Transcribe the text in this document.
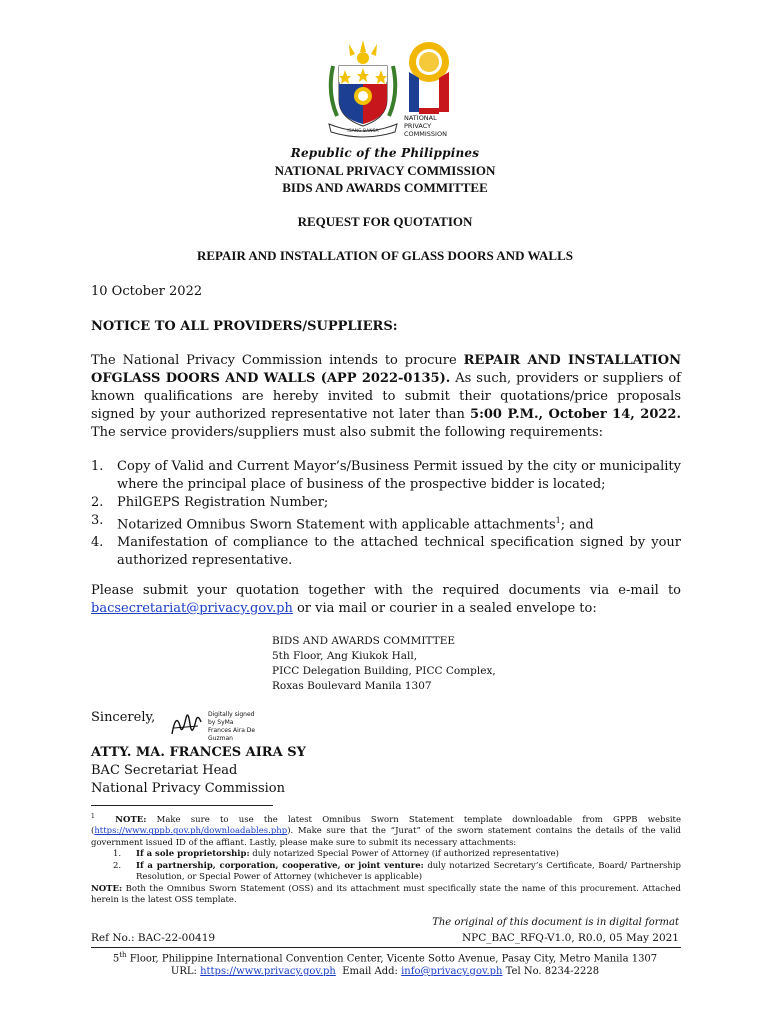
ISANG BANSA
NATIONAL
PRIVACY
COMMISSION
Republic of the Philippines
NATIONAL PRIVACY COMMISSION
BIDS AND AWARDS COMMITTEE
REQUEST FOR QUOTATION
REPAIR AND INSTALLATION OF GLASS DOORS AND WALLS
10 October 2022
NOTICE TO ALL PROVIDERS/SUPPLIERS:
The National Privacy Commission intends to procure REPAIR AND INSTALLATION OFGLASS DOORS AND WALLS (APP 2022-0135). As such, providers or suppliers of known qualifications are hereby invited to submit their quotations/price proposals signed by your authorized representative not later than 5:00 P.M., October 14, 2022. The service providers/suppliers must also submit the following requirements:
1.	Copy of Valid and Current Mayor’s/Business Permit issued by the city or municipality where the principal place of business of the prospective bidder is located;
2.	PhilGEPS Registration Number;
3.	Notarized Omnibus Sworn Statement with applicable attachments$^1$; and
4.	Manifestation of compliance to the attached technical specification signed by your authorized representative.
Please submit your quotation together with the required documents via e-mail to bacsecretariat@privacy.gov.ph or via mail or courier in a sealed envelope to:
BIDS AND AWARDS COMMITTEE
5th Floor, Ang Kiukok Hall,
PICC Delegation Building, PICC Complex,
Roxas Boulevard Manila 1307
Sincerely,	Digitally signed
by SyMa
Frances Aira De
Guzman
ATTY. MA. FRANCES AIRA SY
BAC Secretariat Head
National Privacy Commission
$^1$ NOTE: Make sure to use the latest Omnibus Sworn Statement template downloadable from GPPB website (https://www.gppb.gov.ph/downloadables.php). Make sure that the “Jurat” of the sworn statement contains the details of the valid government issued ID of the affiant. Lastly, please make sure to submit its necessary attachments:
1.	If a sole proprietorship: duly notarized Special Power of Attorney (if authorized representative)
2.	If a partnership, corporation, cooperative, or joint venture: duly notarized Secretary’s Certificate, Board/ Partnership Resolution, or Special Power of Attorney (whichever is applicable)
NOTE: Both the Omnibus Sworn Statement (OSS) and its attachment must specifically state the name of this procurement. Attached herein is the latest OSS template.
The original of this document is in digital format
Ref No.: BAC-22-00419	NPC_BAC_RFQ-V1.0, R0.0, 05 May 2021
5th Floor, Philippine International Convention Center, Vicente Sotto Avenue, Pasay City, Metro Manila 1307
URL: https://www.privacy.gov.ph  Email Add: info@privacy.gov.ph Tel No. 8234-2228
